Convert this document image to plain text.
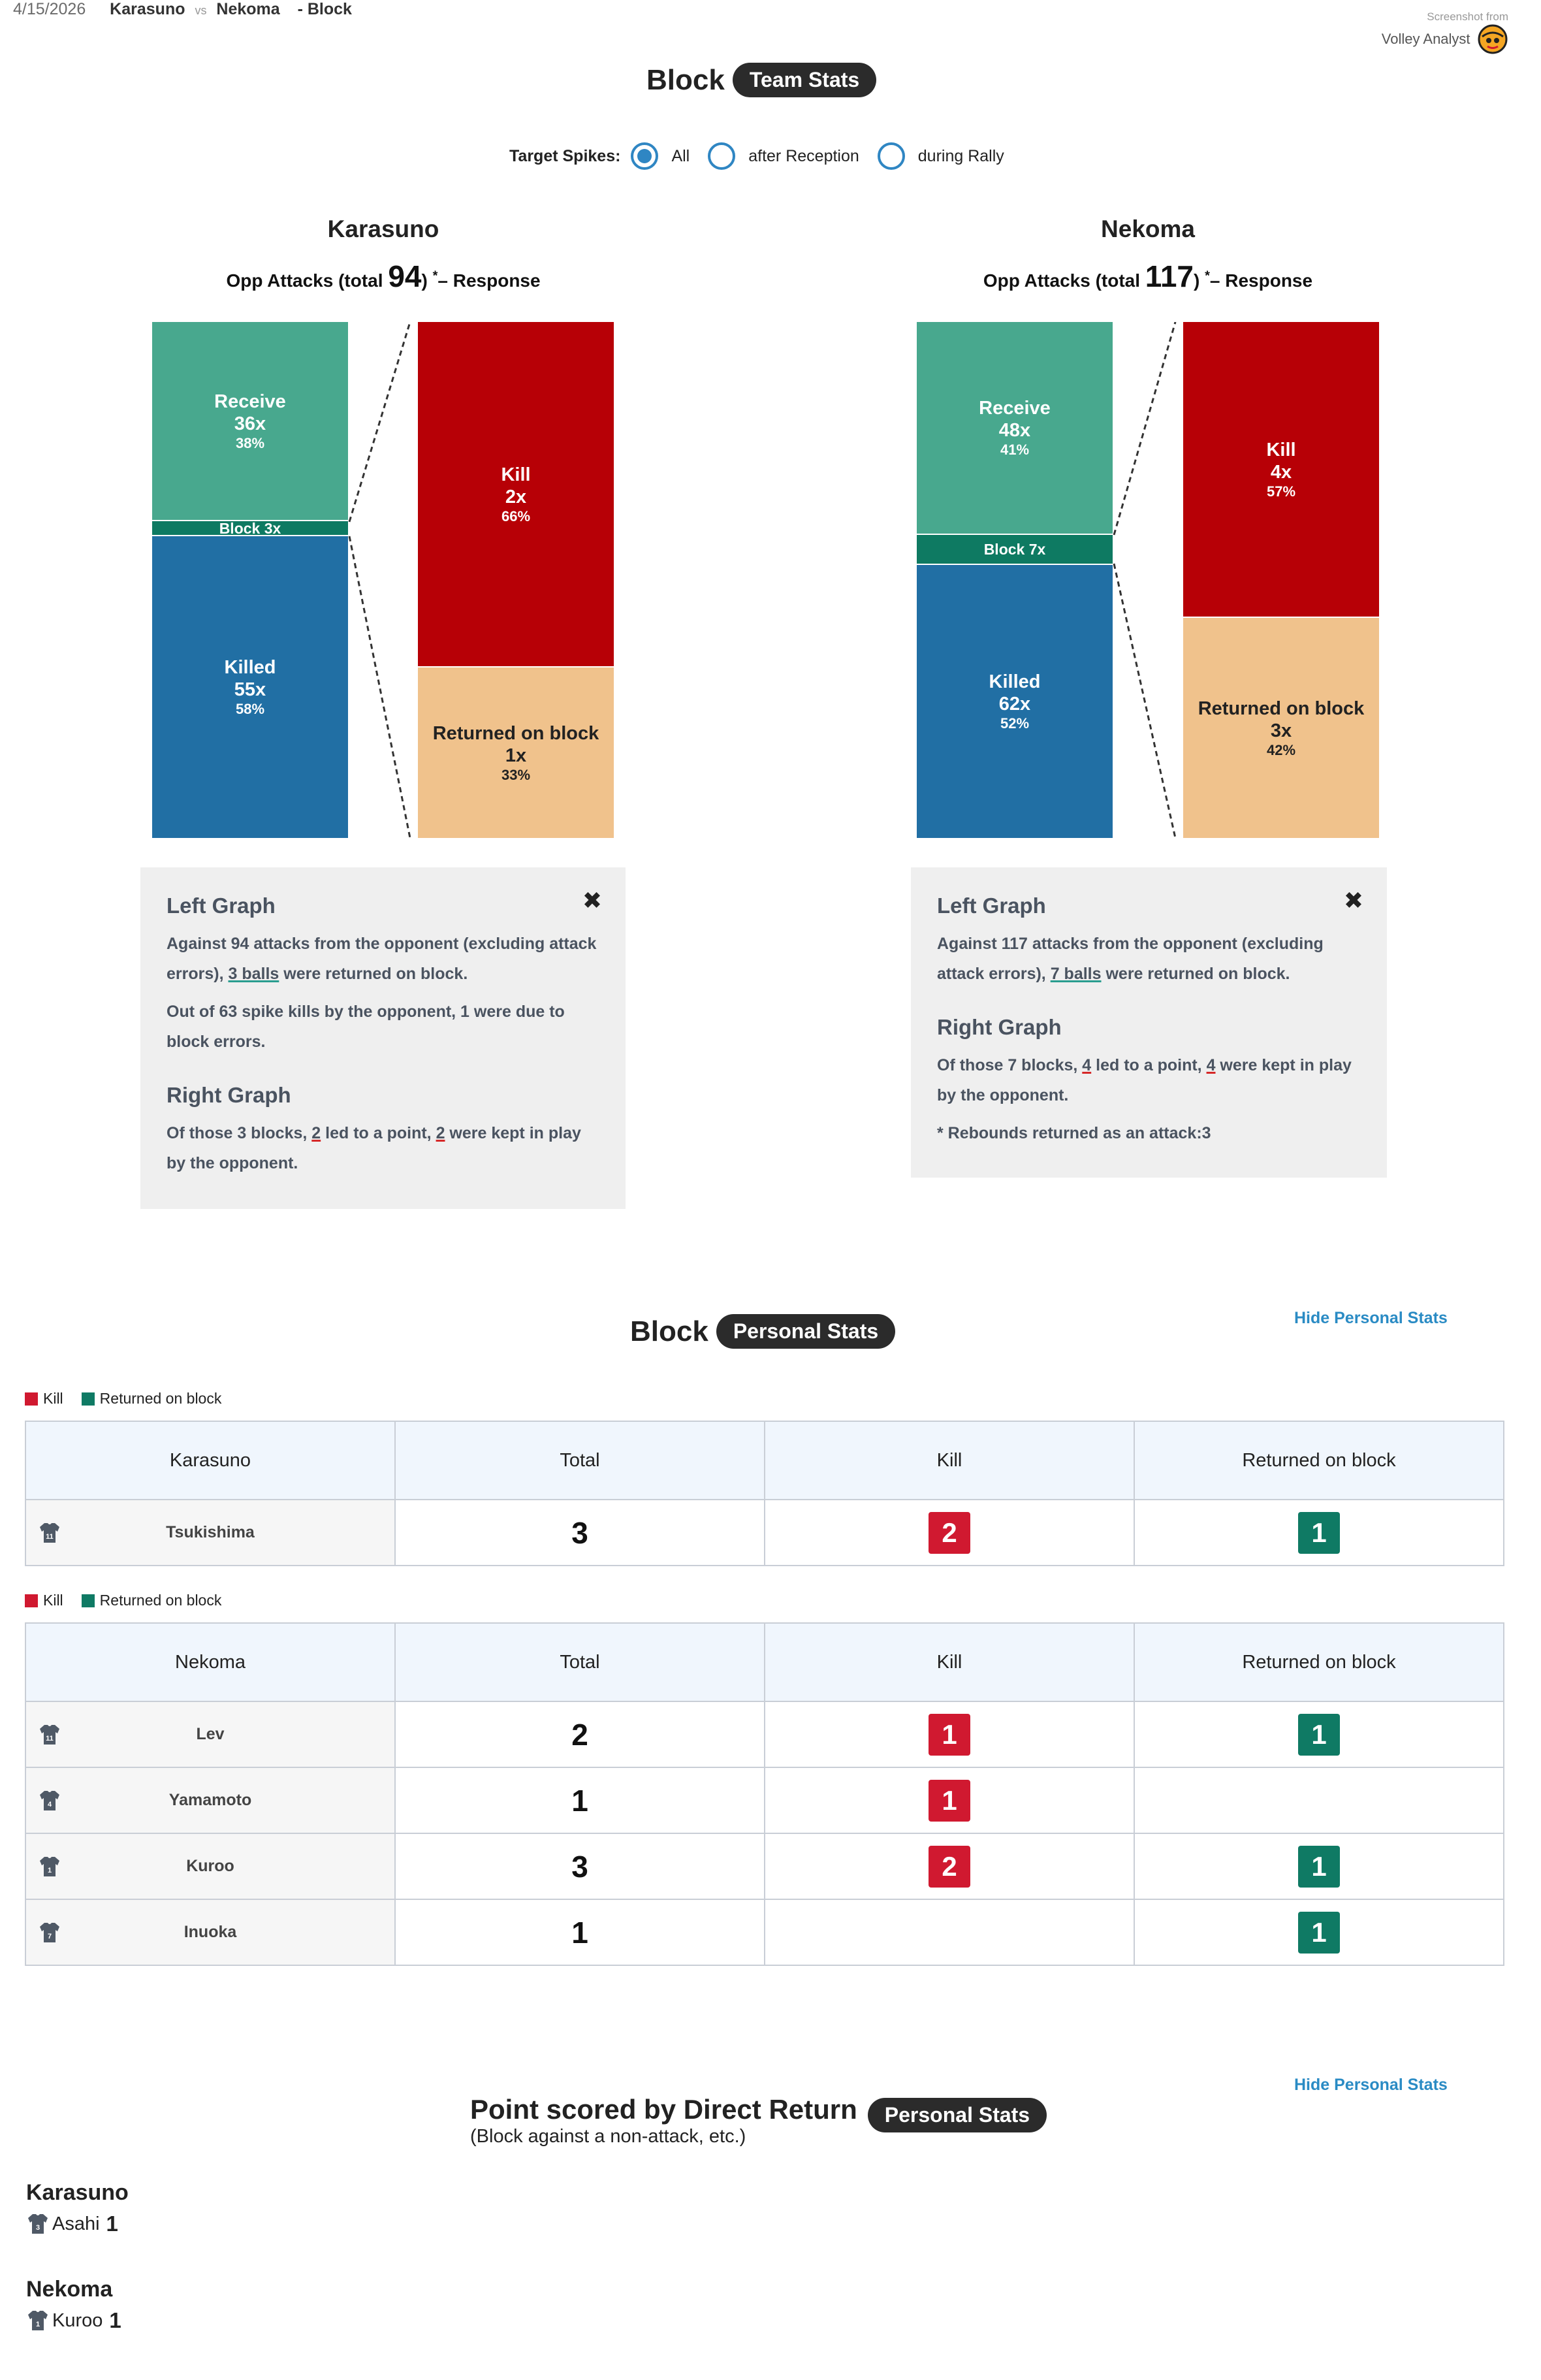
4/15/2026 Karasuno vs Nekoma - Block	Screenshot from
Volley Analyst
Block	Team Stats
Target Spikes:	All	after Reception	during Rally
Karasuno
Opp Attacks (total 94) *– Response
Receive
36x
38%
Block 3x
Killed
55x
58%
Kill
2x
66%
Returned on block
1x
33%
✖
Left Graph

Against 94 attacks from the opponent (excluding attack errors), 3 balls were returned on block.

Out of 63 spike kills by the opponent, 1 were due to block errors.

Right Graph

Of those 3 blocks, 2 led to a point, 2 were kept in play by the opponent.

Nekoma
Opp Attacks (total 117) *– Response
Receive
48x
41%
Block 7x
Killed
62x
52%
Kill
4x
57%
Returned on block
3x
42%
✖
Left Graph

Against 117 attacks from the opponent (excluding attack errors), 7 balls were returned on block.

Right Graph

Of those 7 blocks, 4 led to a point, 4 were kept in play by the opponent.

* Rebounds returned as an attack:3

Block	Personal Stats
Hide Personal Stats
Kill Returned on block
Karasuno	Total	Kill	Returned on block

11 Tsukishima	3	2	1
Kill Returned on block
Nekoma	Total	Kill	Returned on block

11 Lev	2	1	1

4 Yamamoto	1	1	

1 Kuroo	3	2	1

7 Inuoka	1		1
Point scored by Direct Return	Personal Stats
(Block against a non-attack, etc.)
Hide Personal Stats
Karasuno
3 Asahi 1
Nekoma
1 Kuroo 1
